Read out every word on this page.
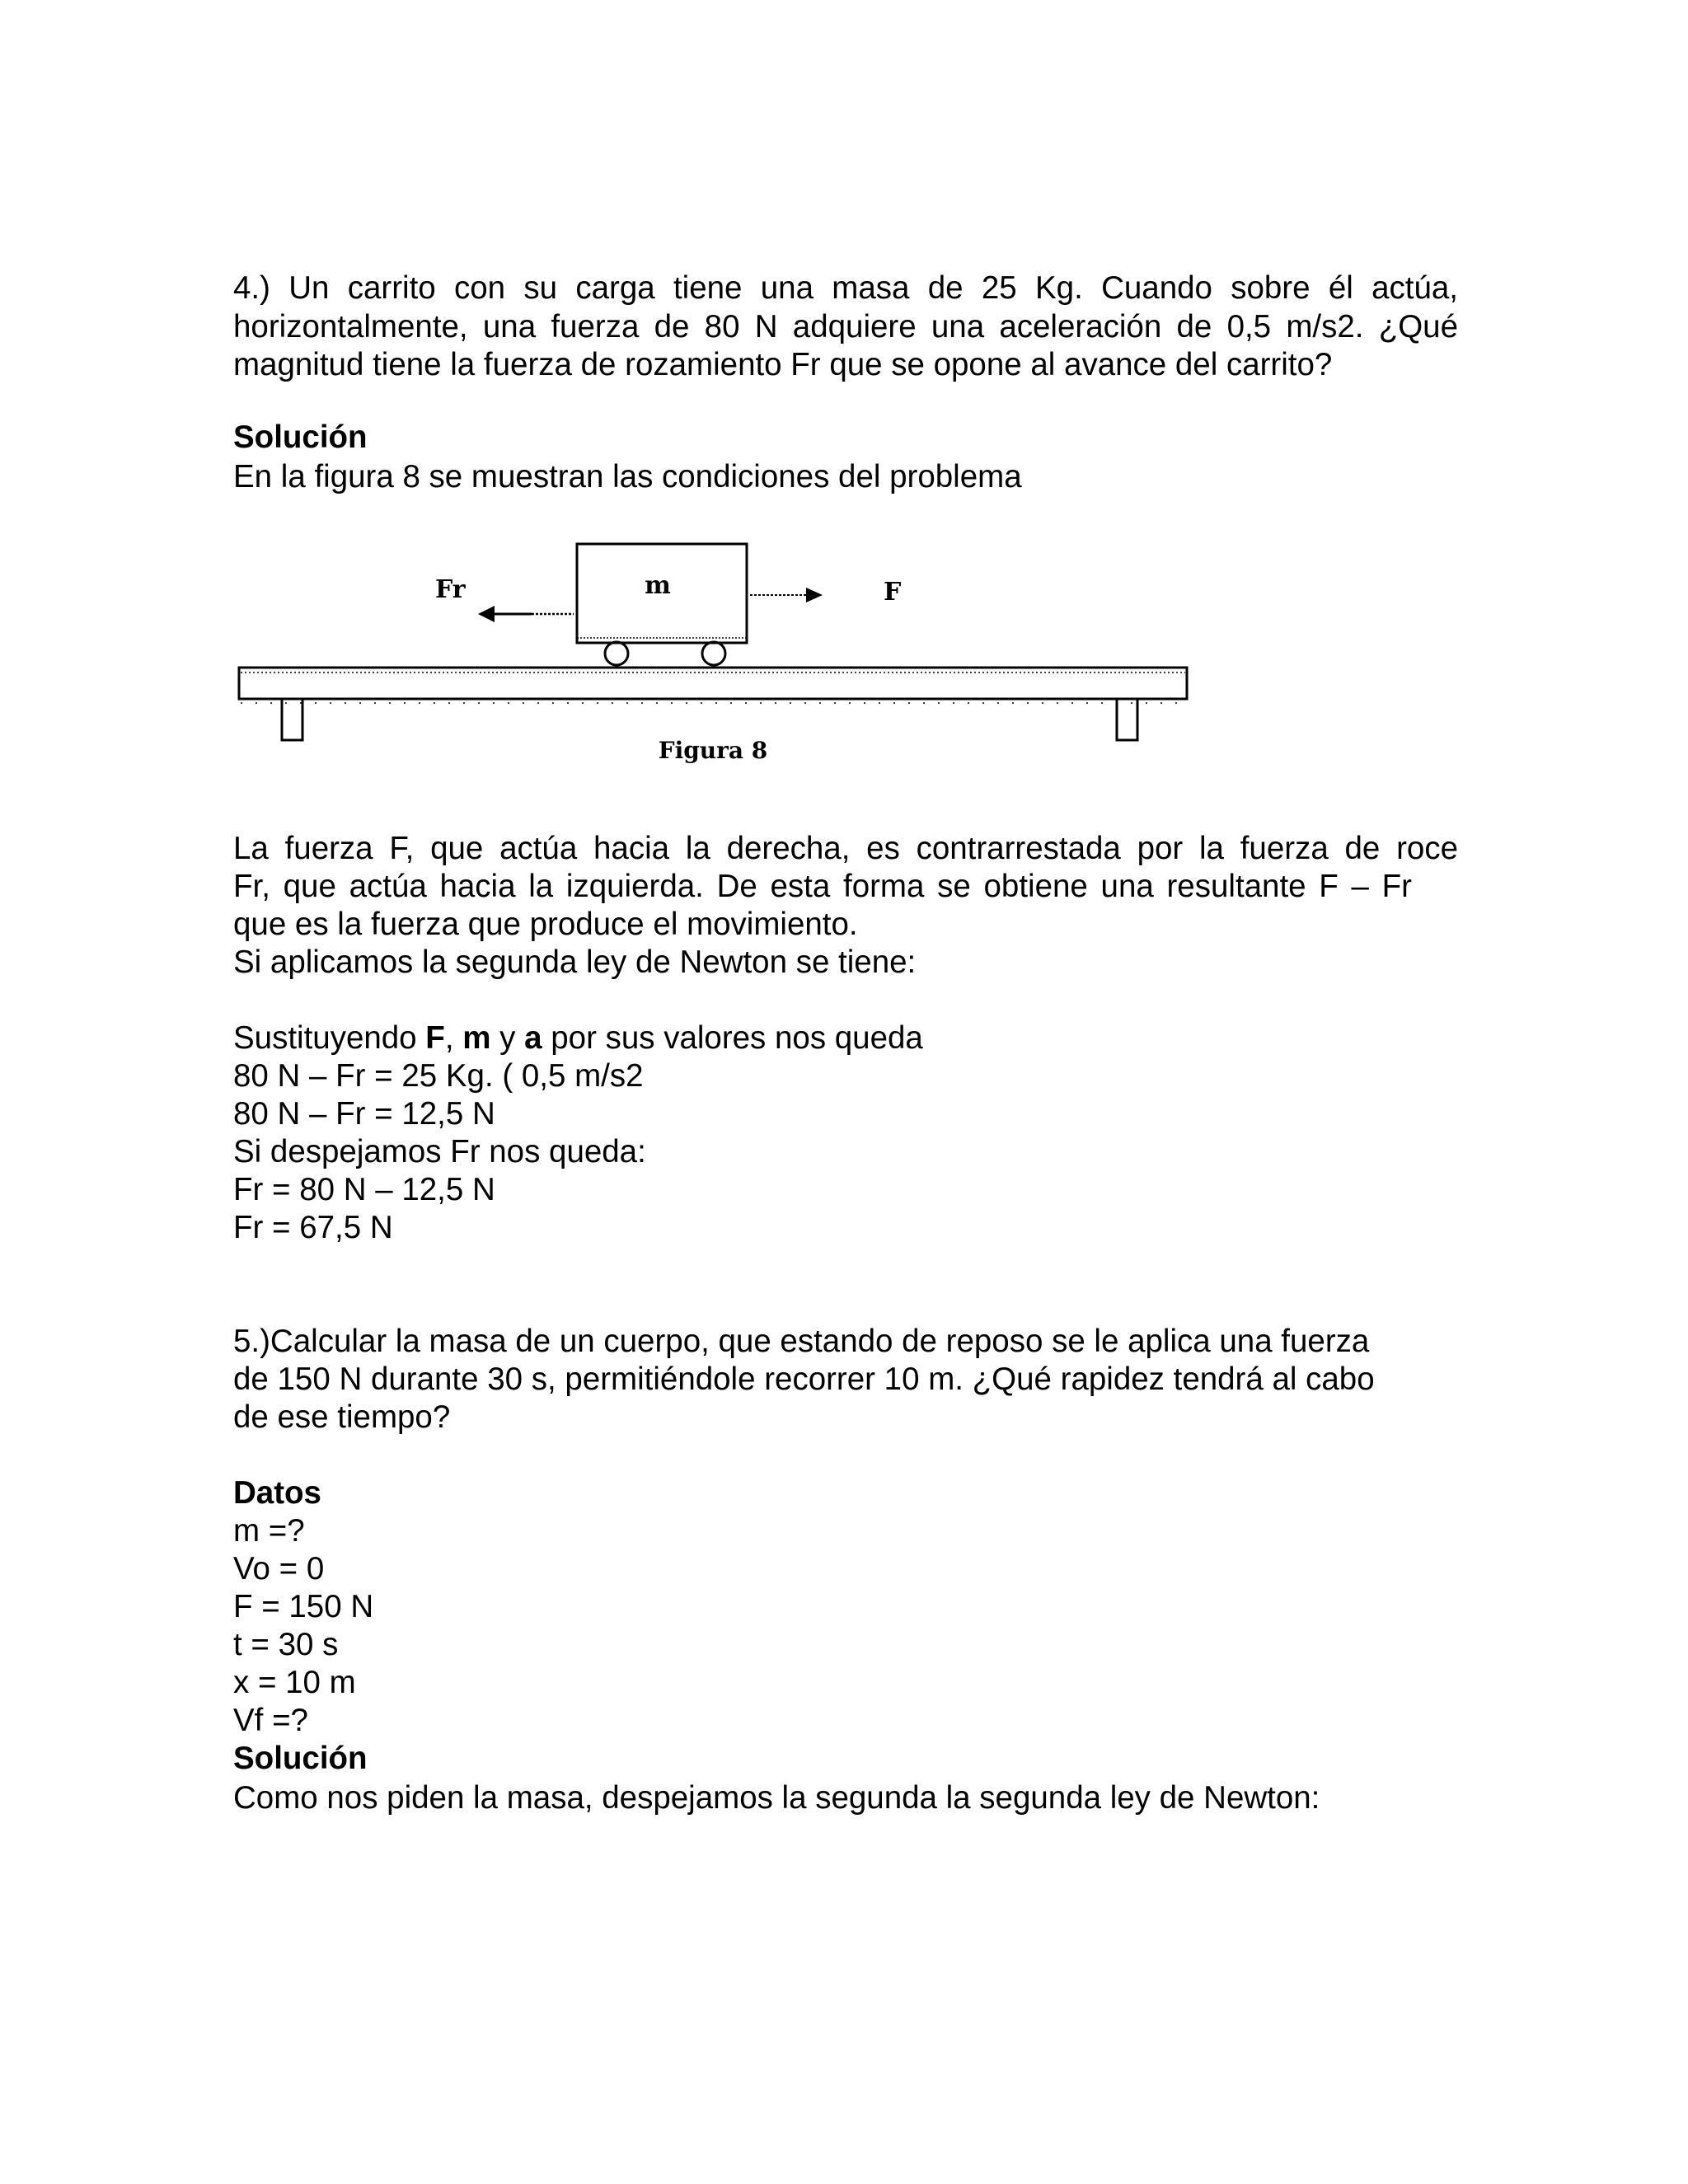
4.) Un carrito con su carga tiene una masa de 25 Kg. Cuando sobre él actúa,
horizontalmente, una fuerza de 80 N adquiere una aceleración de 0,5 m/s2. ¿Qué
magnitud tiene la fuerza de rozamiento Fr que se opone al avance del carrito?
Solución
En la figura 8 se muestran las condiciones del problema
m
Fr	F
Figura 8
La fuerza F, que actúa hacia la derecha, es contrarrestada por la fuerza de roce
Fr, que actúa hacia la izquierda. De esta forma se obtiene una resultante F – Fr
que es la fuerza que produce el movimiento.
Si aplicamos la segunda ley de Newton se tiene:
Sustituyendo F, m y a por sus valores nos queda
80 N – Fr = 25 Kg. ( 0,5 m/s2
80 N – Fr = 12,5 N
Si despejamos Fr nos queda:
Fr = 80 N – 12,5 N
Fr = 67,5 N
5.)Calcular la masa de un cuerpo, que estando de reposo se le aplica una fuerza
de 150 N durante 30 s, permitiéndole recorrer 10 m. ¿Qué rapidez tendrá al cabo
de ese tiempo?
Datos
m =?
Vo = 0
F = 150 N
t = 30 s
x = 10 m
Vf =?
Solución
Como nos piden la masa, despejamos la segunda la segunda ley de Newton:
